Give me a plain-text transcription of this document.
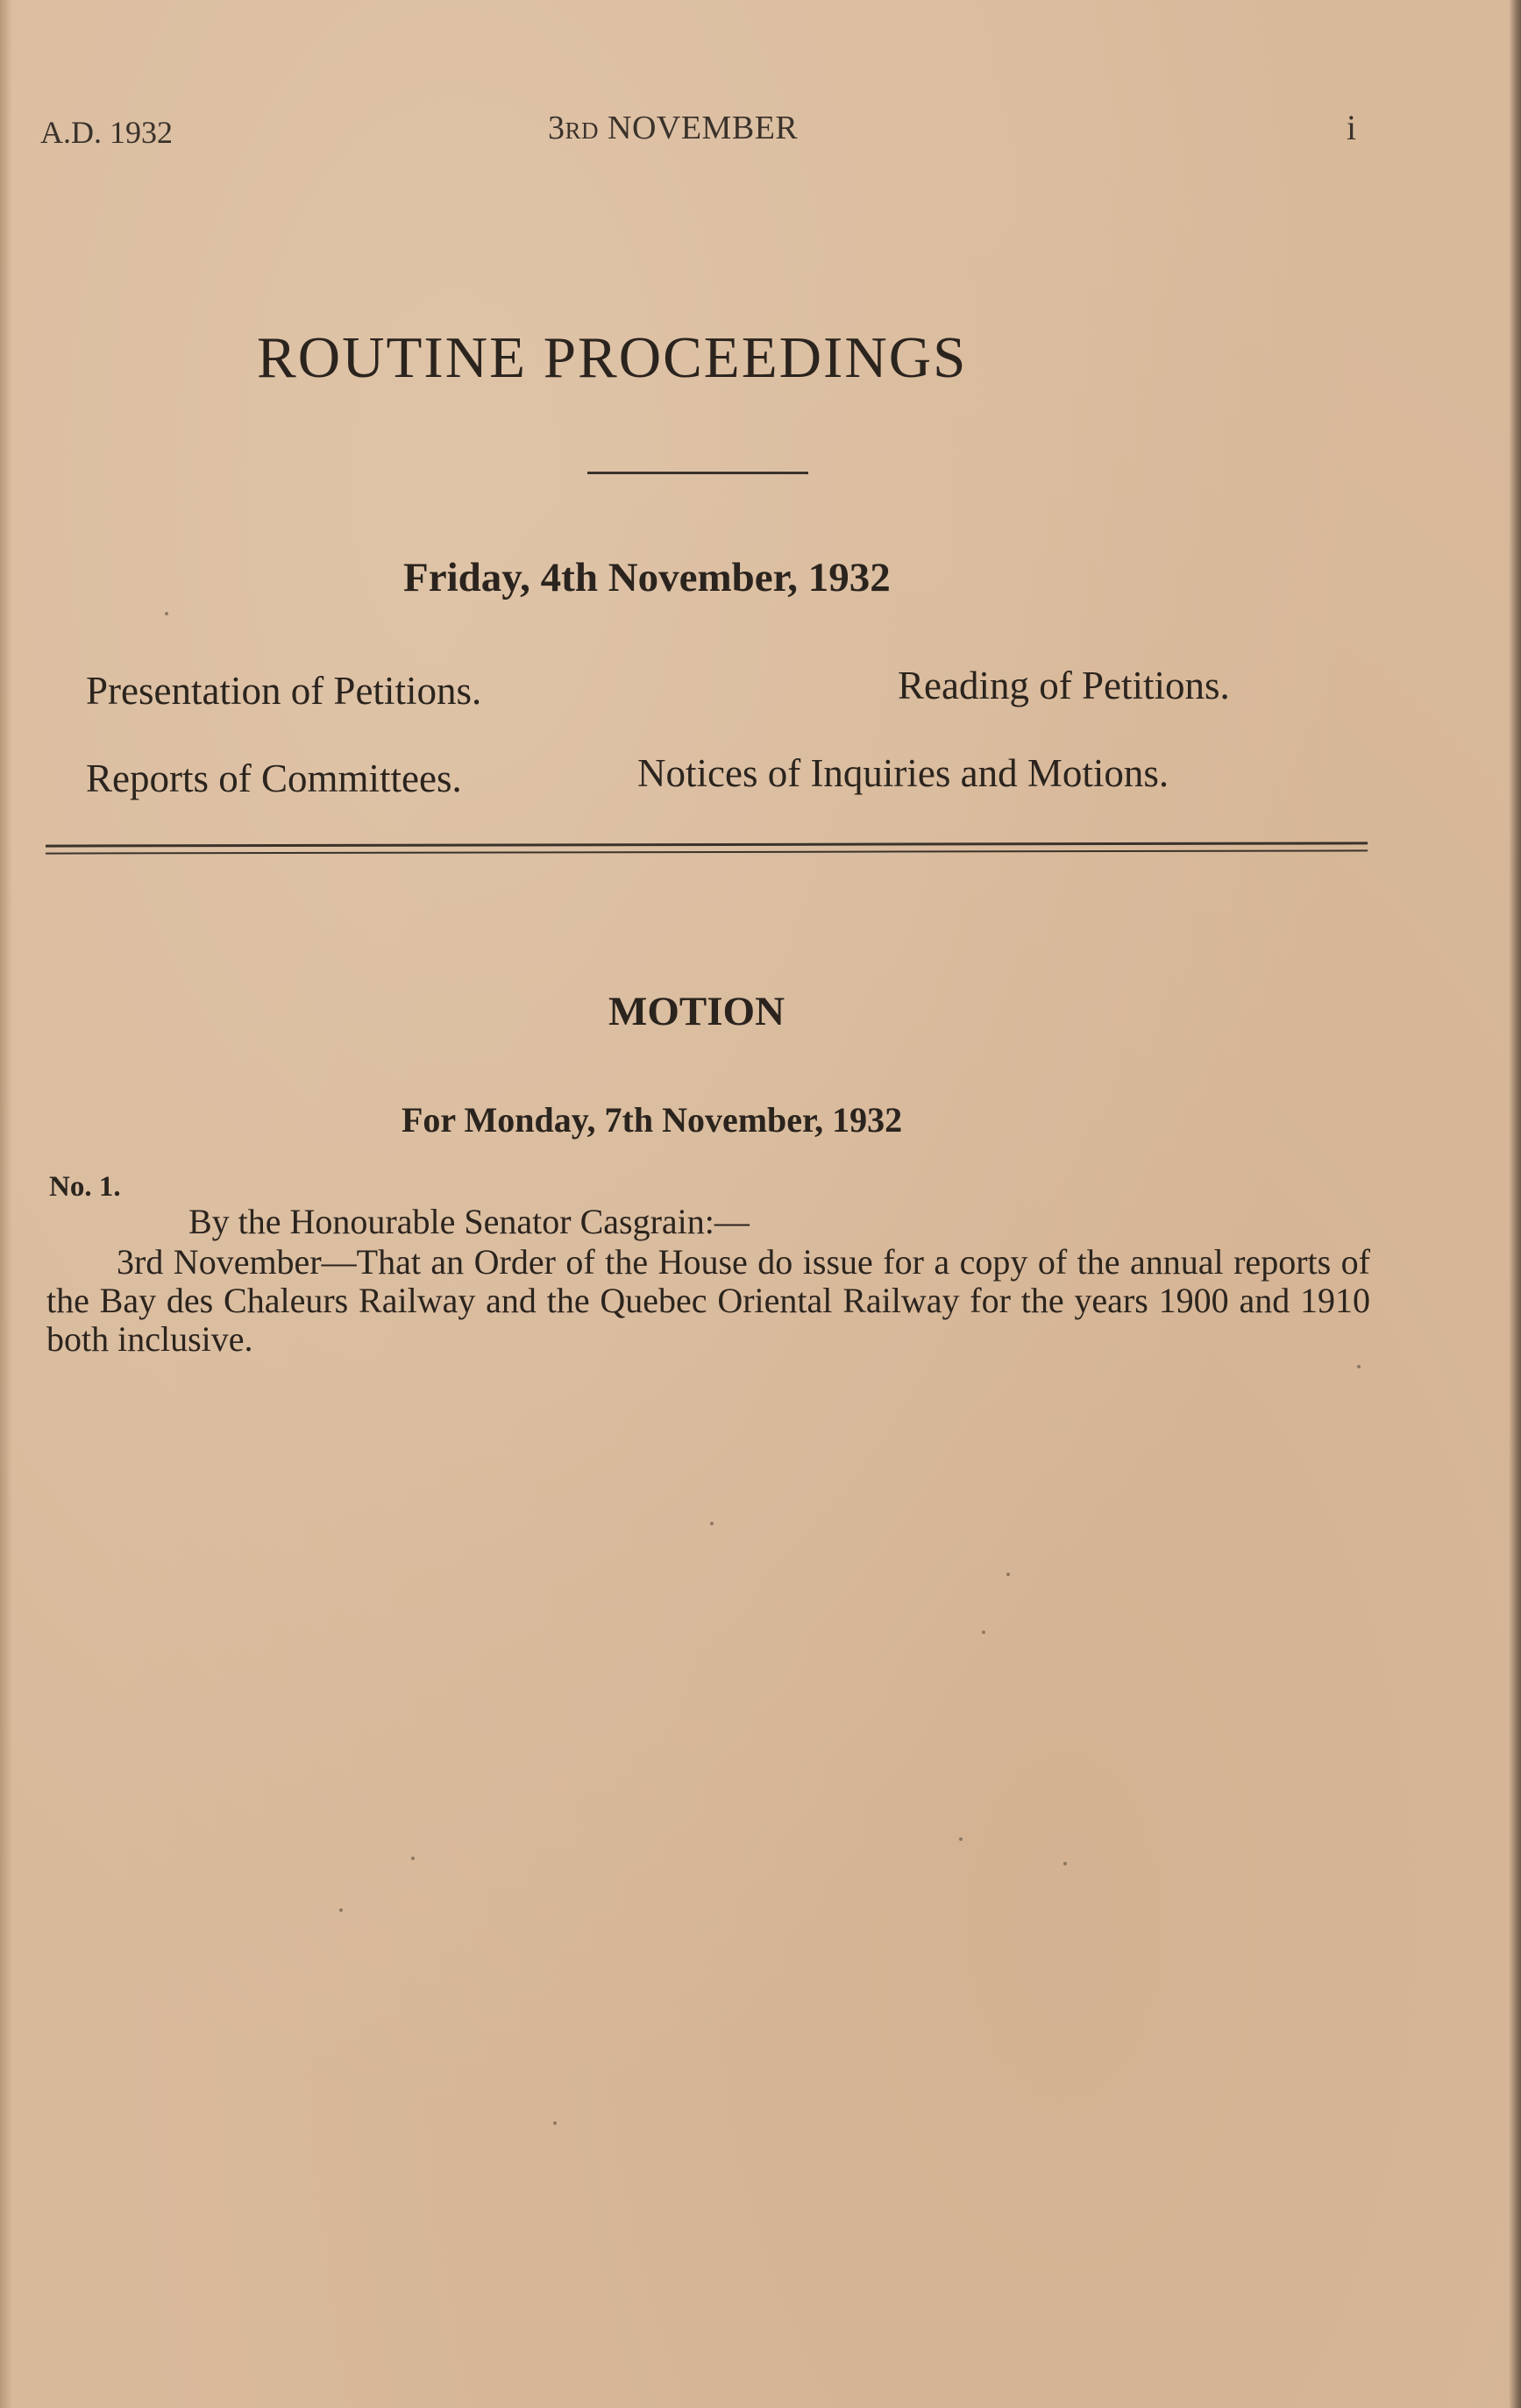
A.D. 1932	3RD NOVEMBER	i
ROUTINE PROCEEDINGS
Friday, 4th November, 1932
Presentation of Petitions.	Reading of Petitions.
Reports of Committees.	Notices of Inquiries and Motions.
MOTION
For Monday, 7th November, 1932
No. 1.
By the Honourable Senator Casgrain:—
3rd November—That an Order of the House do issue for a copy of the annual reports of the Bay des Chaleurs Railway and the Quebec Oriental Railway for the years 1900 and 1910 both inclusive.
